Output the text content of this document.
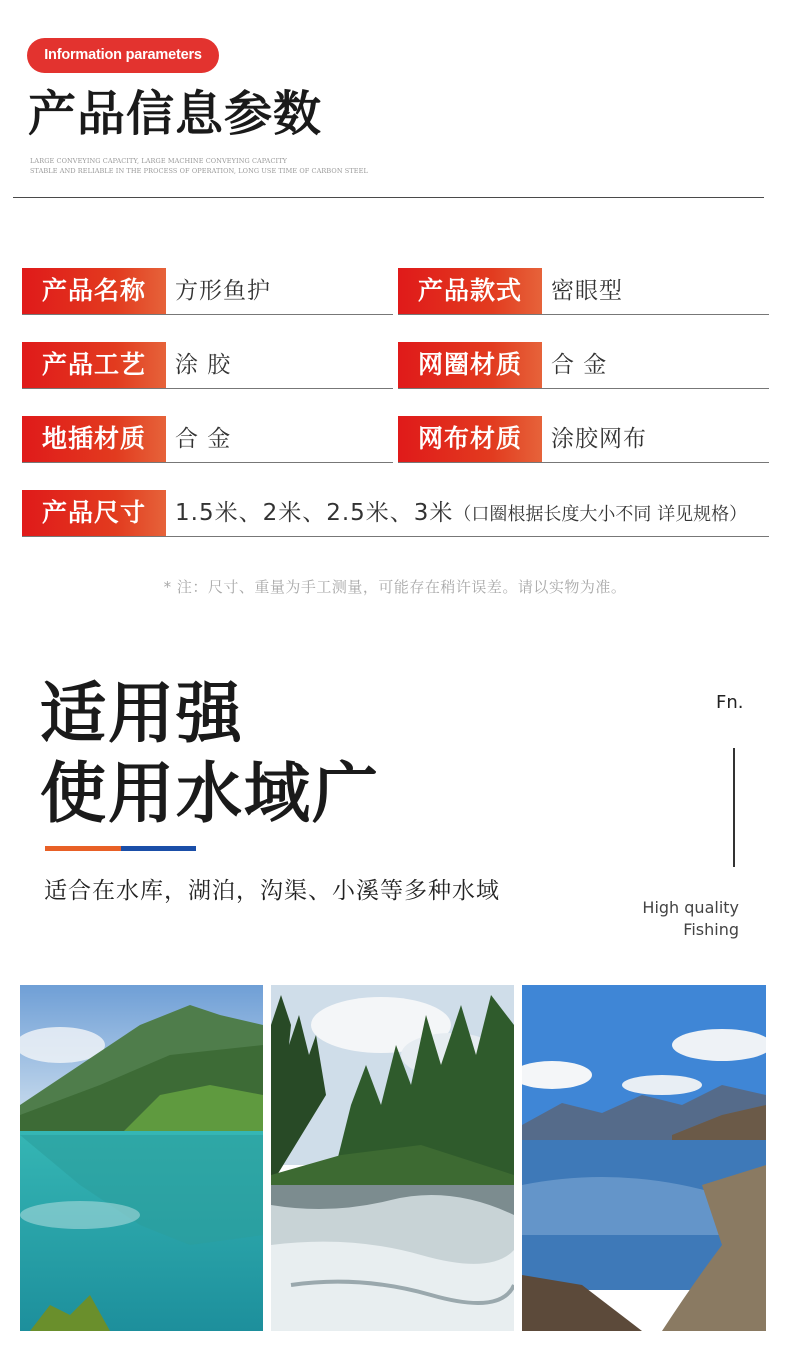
Information parameters
产品信息参数
LARGE CONVEYING CAPACITY, LARGE MACHINE CONVEYING CAPACITY
STABLE AND RELIABLE IN THE PROCESS OF OPERATION, LONG USE TIME OF CARBON STEEL
产品名称	方形鱼护	产品款式	密眼型
产品工艺	涂 胶	网圈材质	合 金
地插材质	合 金	网布材质	涂胶网布
产品尺寸	1.5米、2米、2.5米、3米（口圈根据长度大小不同 详见规格）
* 注：尺寸、重量为手工测量，可能存在稍许误差。请以实物为准。
适用强
使用水域广
适合在水库，湖泊，沟渠、小溪等多种水域
Fn.
High quality
Fishing
